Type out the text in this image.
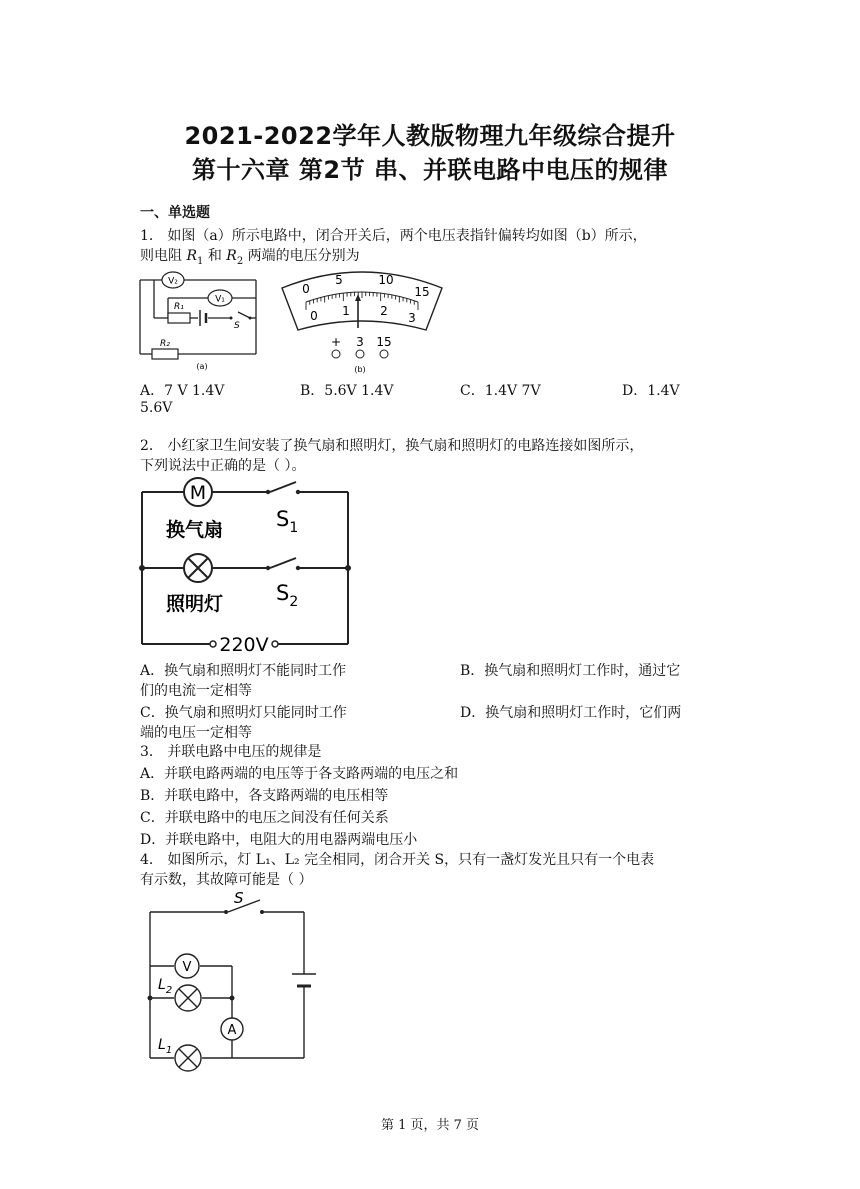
2021-2022学年人教版物理九年级综合提升
第十六章 第2节 串、并联电路中电压的规律
一、单选题
1． 如图（a）所示电路中，闭合开关后，两个电压表指针偏转均如图（b）所示，
则电阻 $R_1$ 和 $R_2$ 两端的电压分别为
V₂
V₁
R₁
S
R₂
(a)
0
5	10
15
0 1	2 3
+ 3 15
(b)
A．7 V 1.4V	B．5.6V 1.4V	C．1.4V 7V	D．1.4V
5.6V
2． 小红家卫生间安装了换气扇和照明灯，换气扇和照明灯的电路连接如图所示，
下列说法中正确的是（ ）。
M
换气扇	$S_1$
照明灯	$S_2$
220V
A．换气扇和照明灯不能同时工作	B．换气扇和照明灯工作时，通过它
们的电流一定相等
C．换气扇和照明灯只能同时工作	D．换气扇和照明灯工作时，它们两
端的电压一定相等
3． 并联电路中电压的规律是
A．并联电路两端的电压等于各支路两端的电压之和
B．并联电路中，各支路两端的电压相等
C．并联电路中的电压之间没有任何关系
D．并联电路中，电阻大的用电器两端电压小
4． 如图所示，灯 L₁、L₂ 完全相同，闭合开关 S，只有一盏灯发光且只有一个电表
有示数，其故障可能是（ ）
S
V
$L_2$
A
$L_1$
第 1 页，共 7 页
